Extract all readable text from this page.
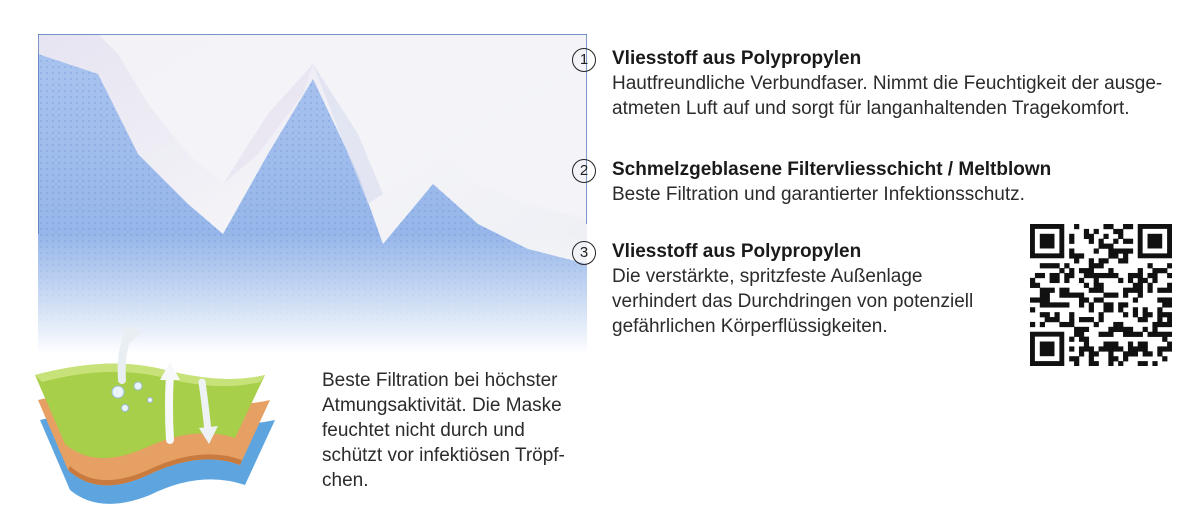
Beste Filtration bei höchster
Atmungsaktivität. Die Maske
feuchtet nicht durch und
schützt vor infektiösen Tröpf-
chen.
1	Vliesstoff aus Polypropylen
Hautfreundliche Verbundfaser. Nimmt die Feuchtigkeit der ausge-
atmeten Luft auf und sorgt für langanhaltenden Tragekomfort.
2	Schmelzgeblasene Filtervliesschicht / Meltblown
Beste Filtration und garantierter Infektionsschutz.
3	Vliesstoff aus Polypropylen
Die verstärkte, spritzfeste Außenlage
verhindert das Durchdringen von potenziell
gefährlichen Körperflüssigkeiten.
